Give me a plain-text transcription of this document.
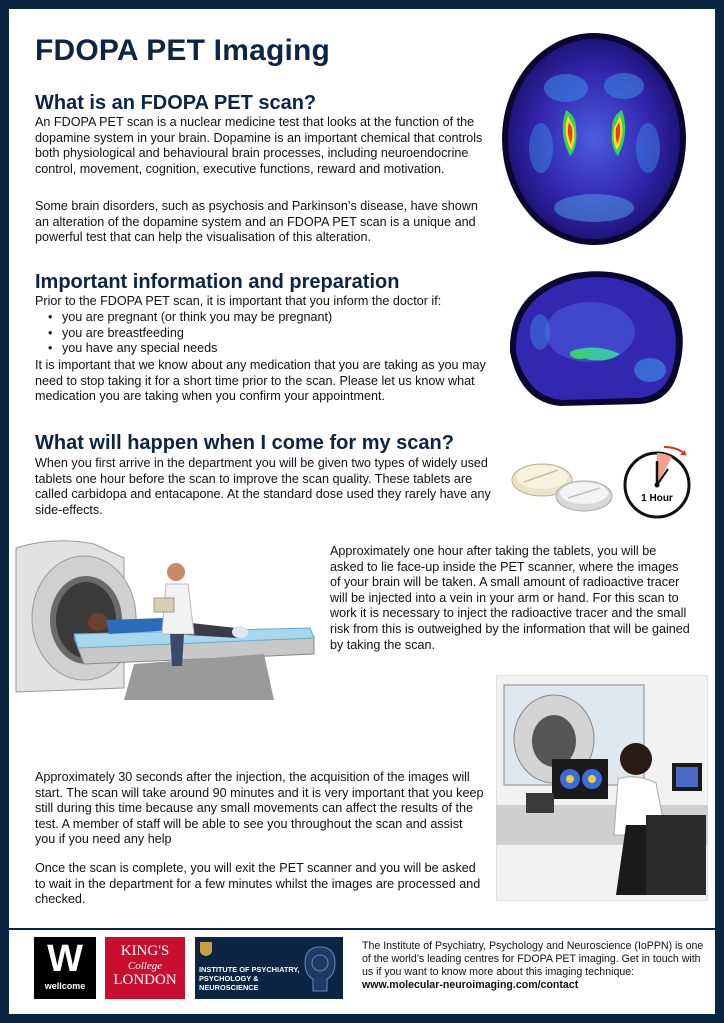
FDOPA PET Imaging
What is an FDOPA PET scan?
An FDOPA PET scan is a nuclear medicine test that looks at the function of the dopamine system in your brain. Dopamine is an important chemical that controls both physiological and behavioural brain processes, including neuroendocrine control, movement, cognition, executive functions, reward and motivation.
Some brain disorders, such as psychosis and Parkinson’s disease, have shown an alteration of the dopamine system and an FDOPA PET scan is a unique and powerful test that can help the visualisation of this alteration.
Important information and preparation
Prior to the FDOPA PET scan, it is important that you inform the doctor if:
• you are pregnant (or think you may be pregnant)
• you are breastfeeding
• you have any special needs
It is important that we know about any medication that you are taking as you may need to stop taking it for a short time prior to the scan. Please let us know what medication you are taking when you confirm your appointment.
What will happen when I come for my scan?
When you first arrive in the department you will be given two types of widely used tablets one hour before the scan to improve the scan quality. These tablets are called carbidopa and entacapone. At the standard dose used they rarely have any side-effects.
1 Hour
Approximately one hour after taking the tablets, you will be asked to lie face-up inside the PET scanner, where the images of your brain will be taken. A small amount of radioactive tracer will be injected into a vein in your arm or hand. For this scan to work it is necessary to inject the radioactive tracer and the small risk from this is outweighed by the information that will be gained by taking the scan.
Approximately 30 seconds after the injection, the acquisition of the images will start. The scan will take around 90 minutes and it is very important that you keep still during this time because any small movements can affect the results of the test. A member of staff will be able to see you throughout the scan and assist you if you need any help
Once the scan is complete, you will exit the PET scanner and you will be asked to wait in the department for a few minutes whilst the images are processed and checked.
W
wellcome
KING'S
College
LONDON
INSTITUTE OF PSYCHIATRY,
PSYCHOLOGY &
NEUROSCIENCE
The Institute of Psychiatry, Psychology and Neuroscience (IoPPN) is one of the world’s leading centres for FDOPA PET imaging. Get in touch with us if you want to know more about this imaging technique:
www.molecular-neuroimaging.com/contact
